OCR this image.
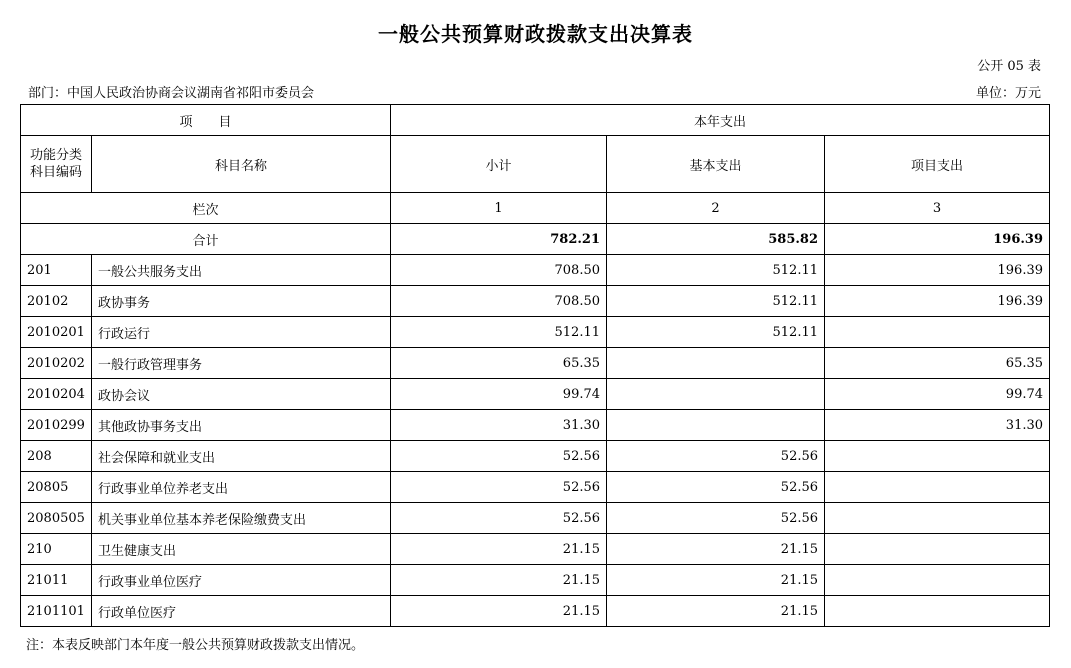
一般公共预算财政拨款支出决算表
公开 05 表
部门：中国人民政治协商会议湖南省祁阳市委员会	单位：万元
项　　目		本年支出		
功能分类科目编码	科目名称	小计	基本支出	项目支出
栏次		1	2	3
合计		782.21	585.82	196.39
201	一般公共服务支出	708.50	512.11	196.39
20102	政协事务	708.50	512.11	196.39
2010201	行政运行	512.11	512.11	
2010202	一般行政管理事务	65.35		65.35
2010204	政协会议	99.74		99.74
2010299	其他政协事务支出	31.30		31.30
208	社会保障和就业支出	52.56	52.56	
20805	行政事业单位养老支出	52.56	52.56	
2080505	机关事业单位基本养老保险缴费支出	52.56	52.56	
210	卫生健康支出	21.15	21.15	
21011	行政事业单位医疗	21.15	21.15	
2101101	行政单位医疗	21.15	21.15	
注：本表反映部门本年度一般公共预算财政拨款支出情况。
